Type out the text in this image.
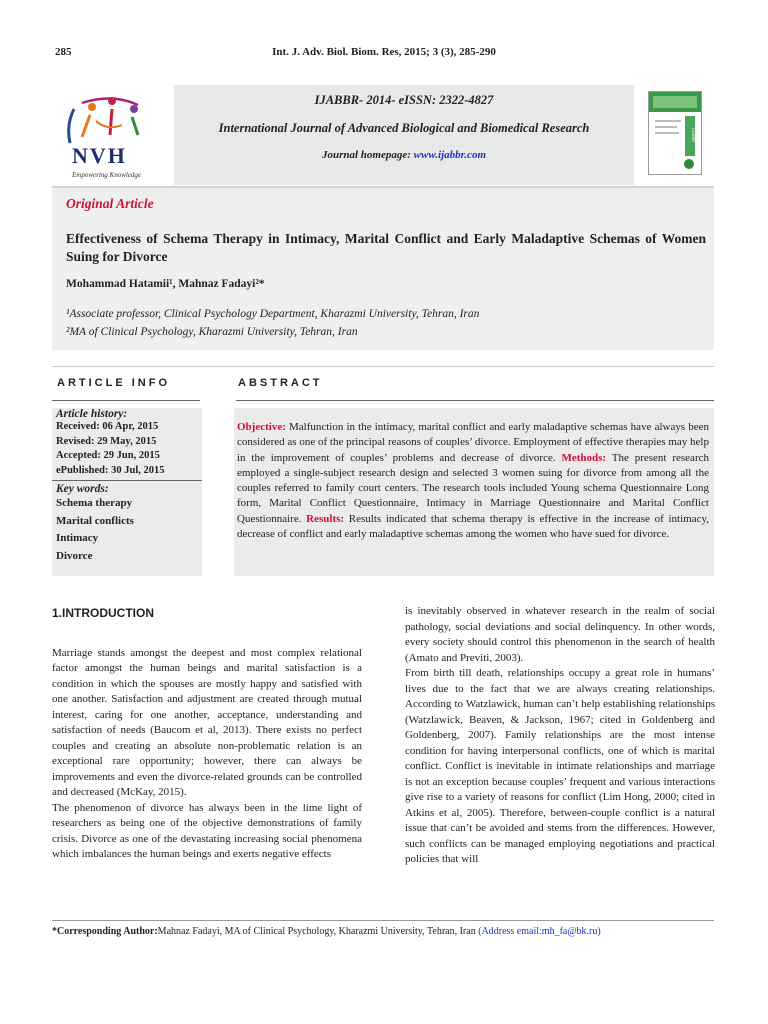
285	Int. J. Adv. Biol. Biom. Res, 2015; 3 (3), 285-290
NVH
Empowering Knowledge
IJABBR- 2014- eISSN: 2322-4827
International Journal of Advanced Biological and Biomedical Research
Journal homepage: www.ijabbr.com
IJABBR
Original Article
Effectiveness of Schema Therapy in Intimacy, Marital Conflict and Early Maladaptive Schemas of Women Suing for Divorce
Mohammad Hatamii¹, Mahnaz Fadayi²*
¹Associate professor, Clinical Psychology Department, Kharazmi University, Tehran, Iran
²MA of Clinical Psychology, Kharazmi University, Tehran, Iran
ARTICLE INFO	ABSTRACT
Article history:
Received: 06 Apr, 2015
Revised: 29 May, 2015
Accepted: 29 Jun, 2015
ePublished: 30 Jul, 2015
Key words:
Schema therapy
Marital conflicts
Intimacy
Divorce
Objective: Malfunction in the intimacy, marital conflict and early maladaptive schemas have always been considered as one of the principal reasons of couples’ divorce. Employment of effective therapies may help in the improvement of couples’ problems and decrease of divorce. Methods: The present research employed a single-subject research design and selected 3 women suing for divorce from among all the couples referred to family court centers. The research tools included Young schema Questionnaire Long form, Marital Conflict Questionnaire, Intimacy in Marriage Questionnaire and Marital Conflict Questionnaire. Results: Results indicated that schema therapy is effective in the increase of intimacy, decrease of conflict and early maladaptive schemas among the women who have sued for divorce.
1.INTRODUCTION
Marriage stands amongst the deepest and most complex relational factor amongst the human beings and marital satisfaction is a condition in which the spouses are mostly happy and satisfied with one another. Satisfaction and adjustment are created through mutual interest, caring for one another, acceptance, understanding and satisfaction of needs (Baucom et al, 2013). There exists no perfect couples and creating an absolute non-problematic relation is an exceptional rare opportunity; however, there can always be improvements and even the divorce-related grounds can be controlled and decreased (McKay, 2015).
The phenomenon of divorce has always been in the lime light of researchers as being one of the objective demonstrations of family crisis. Divorce as one of the devastating increasing social phenomena which imbalances the human beings and exerts negative effects
is inevitably observed in whatever research in the realm of social pathology, social deviations and social delinquency. In other words, every society should control this phenomenon in the search of health (Amato and Previti, 2003).
From birth till death, relationships occupy a great role in humans’ lives due to the fact that we are always creating relationships. According to Watzlawick, human can’t help establishing relationships (Watzlawick, Beaven, & Jackson, 1967; cited in Goldenberg and Goldenberg, 2007). Family relationships are the most intense condition for having interpersonal conflicts, one of which is marital conflict. Conflict is inevitable in intimate relationships and marriage is not an exception because couples’ frequent and various interactions give rise to a variety of reasons for conflict (Lim Hong, 2000; cited in Atkins et al, 2005). Therefore, between-couple conflict is a natural issue that can’t be avoided and stems from the differences. However, such conflicts can be managed employing negotiations and practical policies that will
*Corresponding Author:Mahnaz Fadayi, MA of Clinical Psychology, Kharazmi University, Tehran, Iran (Address email:mh_fa@bk.ru)
